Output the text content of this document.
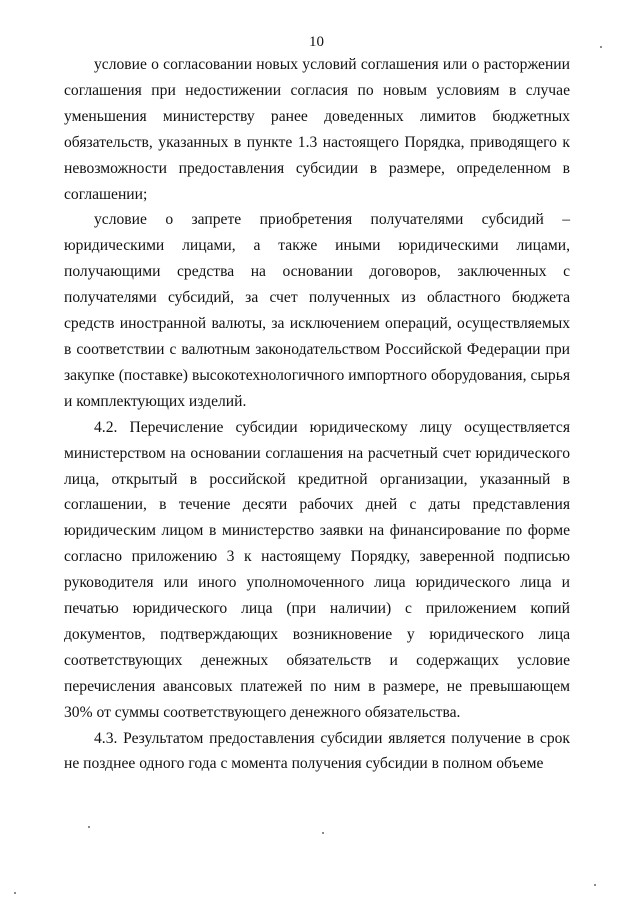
10

условие о согласовании новых условий соглашения или о расторжении соглашения при недостижении согласия по новым условиям в случае уменьшения министерству ранее доведенных лимитов бюджетных обязательств, указанных в пункте 1.3 настоящего Порядка, приводящего к невозможности предоставления субсидии в размере, определенном в соглашении;

условие о запрете приобретения получателями субсидий – юридическими лицами, а также иными юридическими лицами, получающими средства на основании договоров, заключенных с получателями субсидий, за счет полученных из областного бюджета средств иностранной валюты, за исключением операций, осуществляемых в соответствии с валютным законодательством Российской Федерации при закупке (поставке) высокотехнологичного импортного оборудования, сырья и комплектующих изделий.

4.2. Перечисление субсидии юридическому лицу осуществляется министерством на основании соглашения на расчетный счет юридического лица, открытый в российской кредитной организации, указанный в соглашении, в течение десяти рабочих дней с даты представления юридическим лицом в министерство заявки на финансирование по форме согласно приложению 3 к настоящему Порядку, заверенной подписью руководителя или иного уполномоченного лица юридического лица и печатью юридического лица (при наличии) с приложением копий документов, подтверждающих возникновение у юридического лица соответствующих денежных обязательств и содержащих условие перечисления авансовых платежей по ним в размере, не превышающем 30% от суммы соответствующего денежного обязательства.

4.3. Результатом предоставления субсидии является получение в срок не позднее одного года с момента получения субсидии в полном объеме
